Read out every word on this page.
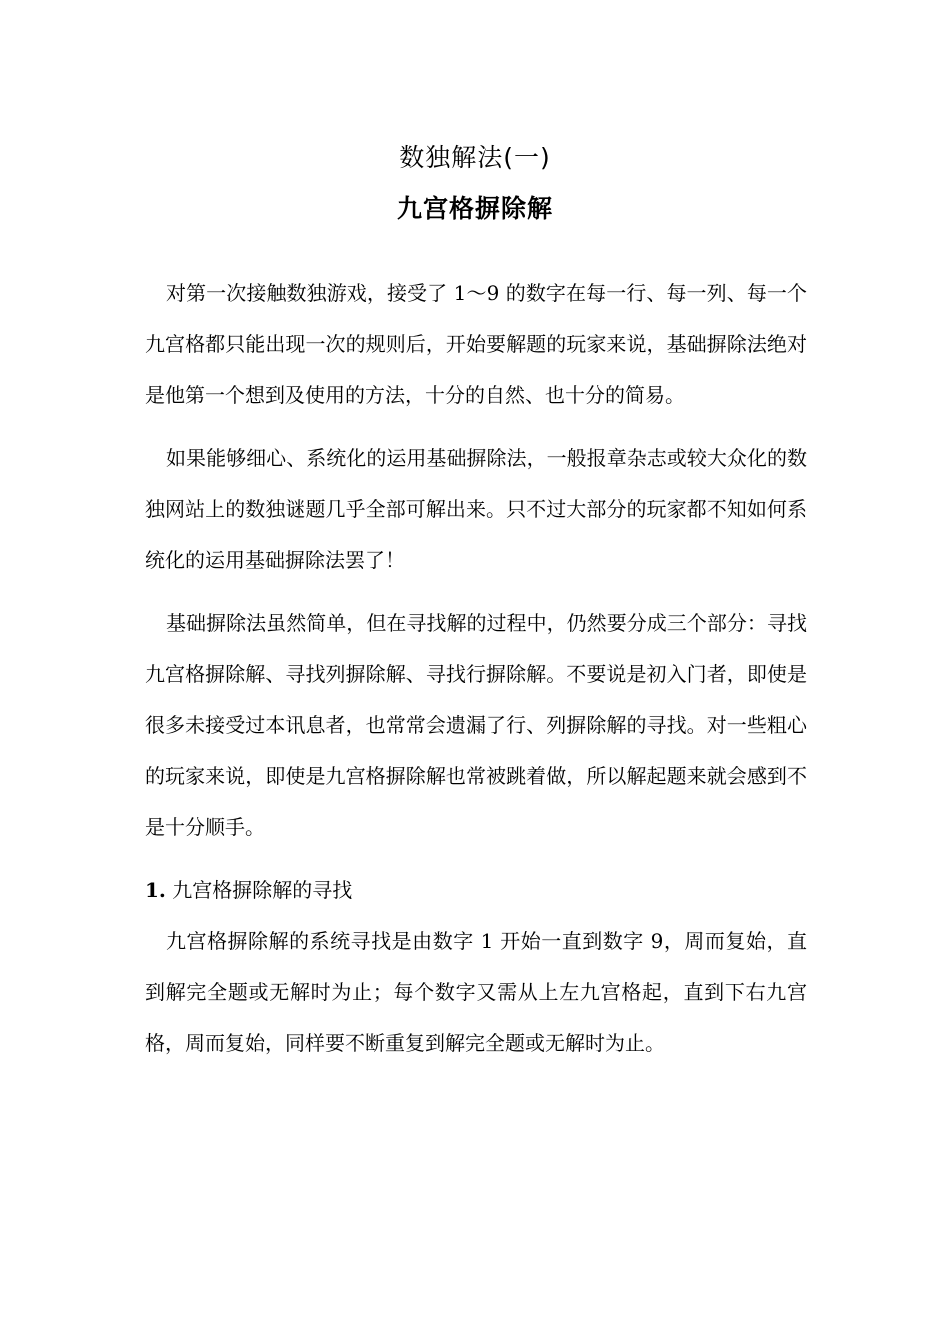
数独解法(一)
九宫格摒除解

对第一次接触数独游戏，接受了 1～9 的数字在每一行、每一列、每一个九宫格都只能出现一次的规则后，开始要解题的玩家来说，基础摒除法绝对是他第一个想到及使用的方法，十分的自然、也十分的简易。

如果能够细心、系统化的运用基础摒除法，一般报章杂志或较大众化的数独网站上的数独谜题几乎全部可解出来。只不过大部分的玩家都不知如何系统化的运用基础摒除法罢了！

基础摒除法虽然简单，但在寻找解的过程中，仍然要分成三个部分：寻找九宫格摒除解、寻找列摒除解、寻找行摒除解。不要说是初入门者，即使是很多未接受过本讯息者，也常常会遗漏了行、列摒除解的寻找。对一些粗心的玩家来说，即使是九宫格摒除解也常被跳着做，所以解起题来就会感到不是十分顺手。

1. 九宫格摒除解的寻找

九宫格摒除解的系统寻找是由数字 1 开始一直到数字 9，周而复始，直到解完全题或无解时为止；每个数字又需从上左九宫格起，直到下右九宫格，周而复始，同样要不断重复到解完全题或无解时为止。
